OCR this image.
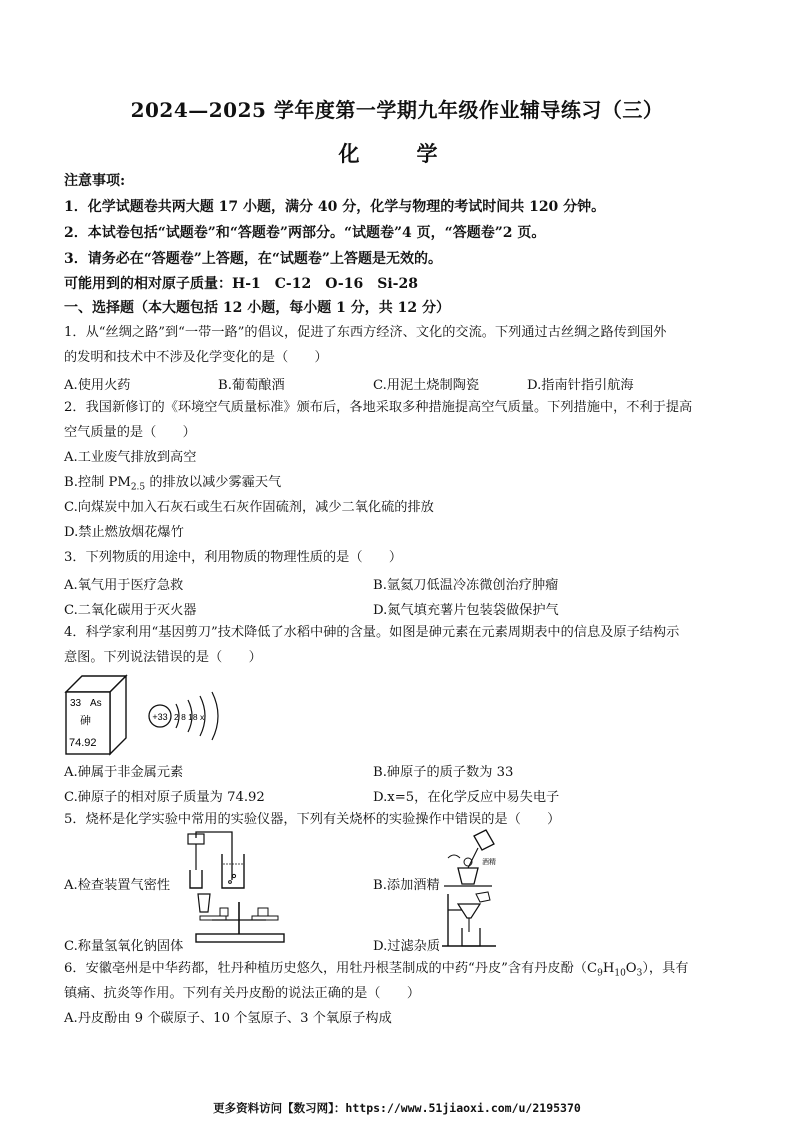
2024—2025 学年度第一学期九年级作业辅导练习（三）
化　学
注意事项:
1．化学试题卷共两大题 17 小题，满分 40 分，化学与物理的考试时间共 120 分钟。
2．本试卷包括“试题卷”和“答题卷”两部分。“试题卷”4 页，“答题卷”2 页。
3．请务必在“答题卷”上答题，在“试题卷”上答题是无效的。
可能用到的相对原子质量：H-1　C-12　O-16　Si-28
一、选择题（本大题包括 12 小题，每小题 1 分，共 12 分）
1．从“丝绸之路”到“一带一路”的倡议，促进了东西方经济、文化的交流。下列通过古丝绸之路传到国外
的发明和技术中不涉及化学变化的是（　　）
A.使用火药	B.葡萄酿酒	C.用泥土烧制陶瓷	D.指南针指引航海
2．我国新修订的《环境空气质量标准》颁布后，各地采取多种措施提高空气质量。下列措施中，不利于提高
空气质量的是（　　）
A.工业废气排放到高空
B.控制 $PM_{2.5}$ 的排放以减少雾霾天气
C.向煤炭中加入石灰石或生石灰作固硫剂，减少二氧化硫的排放
D.禁止燃放烟花爆竹
3．下列物质的用途中，利用物质的物理性质的是（　　）
A.氧气用于医疗急救	B.氩氦刀低温冷冻微创治疗肿瘤
C.二氧化碳用于灭火器	D.氮气填充薯片包装袋做保护气
4．科学家利用“基因剪刀”技术降低了水稻中砷的含量。如图是砷元素在元素周期表中的信息及原子结构示
意图。下列说法错误的是（　　）
33 As
砷
74.92
+33 2 8 18 x
A.砷属于非金属元素	B.砷原子的质子数为 33
C.砷原子的相对原子质量为 74.92	D.x=5，在化学反应中易失电子
5．烧杯是化学实验中常用的实验仪器，下列有关烧杯的实验操作中错误的是（　　）
A.检查装置气密性
酒精
B.添加酒精
C.称量氢氧化钠固体	D.过滤杂质
6．安徽亳州是中华药都，牡丹种植历史悠久，用牡丹根茎制成的中药“丹皮”含有丹皮酚$(C_9H_{10}O_3)$，具有
镇痛、抗炎等作用。下列有关丹皮酚的说法正确的是（　　）
A.丹皮酚由 9 个碳原子、10 个氢原子、3 个氧原子构成
更多资料访问【数习网】：https://www.51jiaoxi.com/u/2195370
